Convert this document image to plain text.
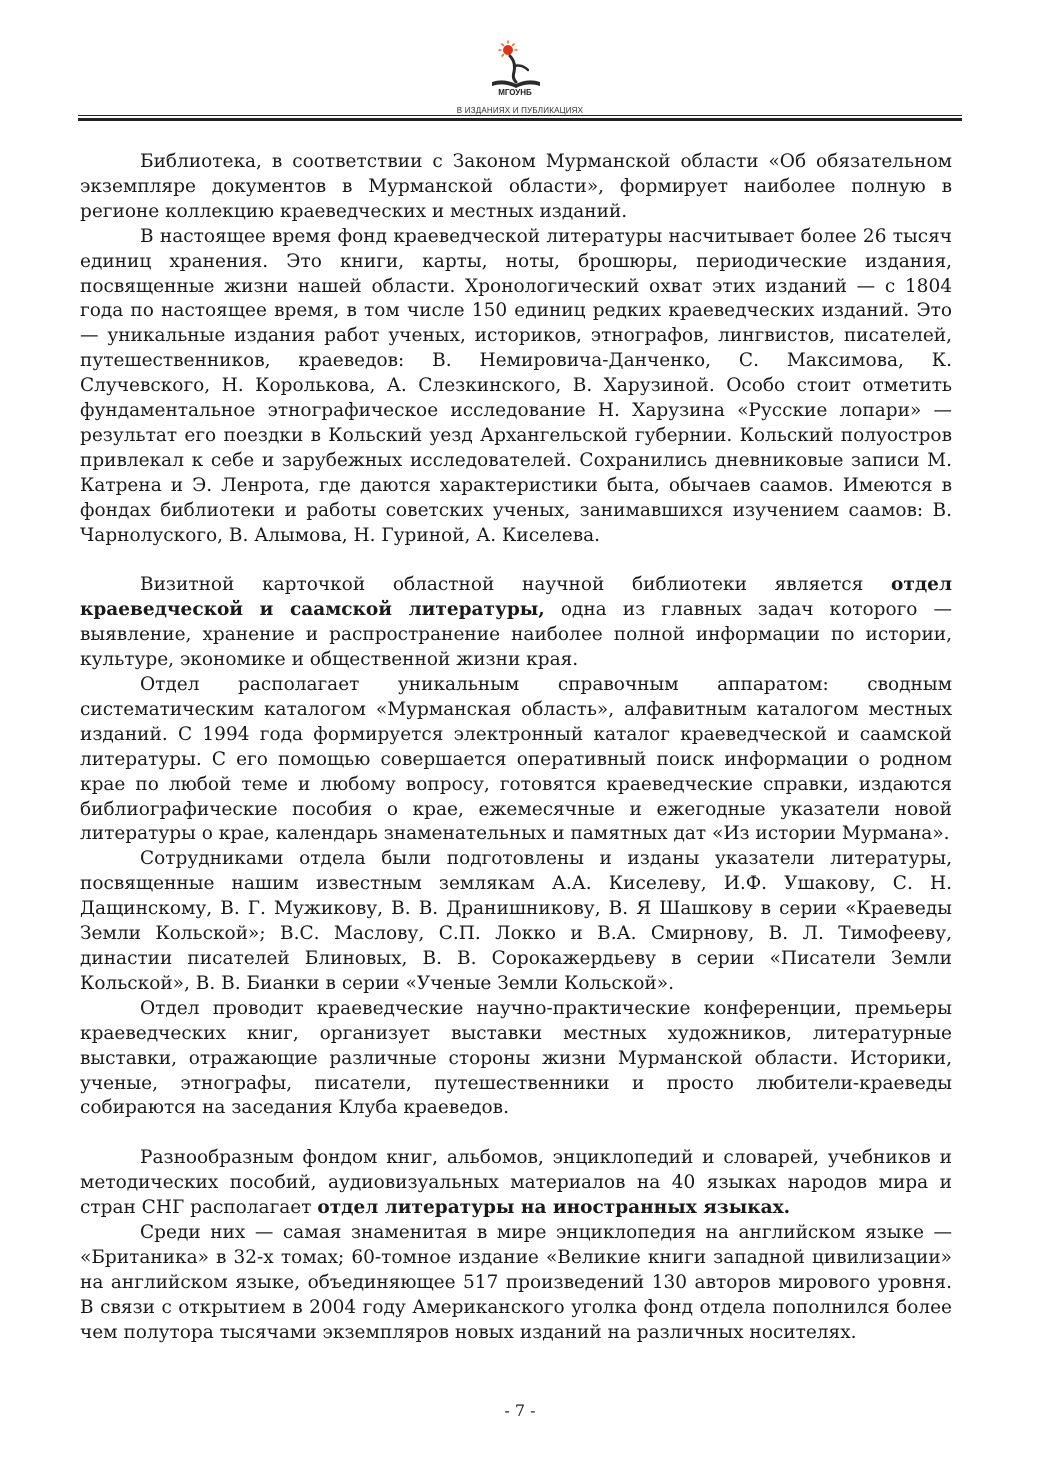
МГОУНБ
В ИЗДАНИЯХ И ПУБЛИКАЦИЯХ

Библиотека, в соответствии с Законом Мурманской области «Об обязательном экземпляре документов в Мурманской области», формирует наиболее полную в регионе коллекцию краеведческих и местных изданий.

В настоящее время фонд краеведческой литературы насчитывает более 26 тысяч единиц хранения. Это книги, карты, ноты, брошюры, периодические издания, посвященные жизни нашей области. Хронологический охват этих изданий — с 1804 года по настоящее время, в том числе 150 единиц редких краеведческих изданий. Это — уникальные издания работ ученых, историков, этнографов, лингвистов, писателей, путешественников, краеведов: В. Немировича-Данченко, С. Максимова, К. Случевского, Н. Королькова, А. Слезкинского, В. Харузиной. Особо стоит отметить фундаментальное этнографическое исследование Н. Харузина «Русские лопари» — результат его поездки в Кольский уезд Архангельской губернии. Кольский полуостров привлекал к себе и зарубежных исследователей. Сохранились дневниковые записи М. Катрена и Э. Ленрота, где даются характеристики быта, обычаев саамов. Имеются в фондах библиотеки и работы советских ученых, занимавшихся изучением саамов: В. Чарнолуского, В. Алымова, Н. Гуриной, А. Киселева.

Визитной карточкой областной научной библиотеки является отдел краеведческой и саамской литературы, одна из главных задач которого — выявление, хранение и распространение наиболее полной информации по истории, культуре, экономике и общественной жизни края.

Отдел располагает уникальным справочным аппаратом: сводным систематическим каталогом «Мурманская область», алфавитным каталогом местных изданий. С 1994 года формируется электронный каталог краеведческой и саамской литературы. С его помощью совершается оперативный поиск информации о родном крае по любой теме и любому вопросу, готовятся краеведческие справки, издаются библиографические пособия о крае, ежемесячные и ежегодные указатели новой литературы о крае, календарь знаменательных и памятных дат «Из истории Мурмана».

Сотрудниками отдела были подготовлены и изданы указатели литературы, посвященные нашим известным землякам А.А. Киселеву, И.Ф. Ушакову, С. Н. Дащинскому, В. Г. Мужикову, В. В. Дранишникову, В. Я Шашкову в серии «Краеведы Земли Кольской»; В.С. Маслову, С.П. Локко и В.А. Смирнову, В. Л. Тимофееву, династии писателей Блиновых, В. В. Сорокажердьеву в серии «Писатели Земли Кольской», В. В. Бианки в серии «Ученые Земли Кольской».

Отдел проводит краеведческие научно-практические конференции, премьеры краеведческих книг, организует выставки местных художников, литературные выставки, отражающие различные стороны жизни Мурманской области. Историки, ученые, этнографы, писатели, путешественники и просто любители-краеведы собираются на заседания Клуба краеведов.

Разнообразным фондом книг, альбомов, энциклопедий и словарей, учебников и методических пособий, аудиовизуальных материалов на 40 языках народов мира и стран СНГ располагает отдел литературы на иностранных языках.

Среди них — самая знаменитая в мире энциклопедия на английском языке — «Британика» в 32-х томах; 60-томное издание «Великие книги западной цивилизации» на английском языке, объединяющее 517 произведений 130 авторов мирового уровня. В связи с открытием в 2004 году Американского уголка фонд отдела пополнился более чем полутора тысячами экземпляров новых изданий на различных носителях.

- 7 -
